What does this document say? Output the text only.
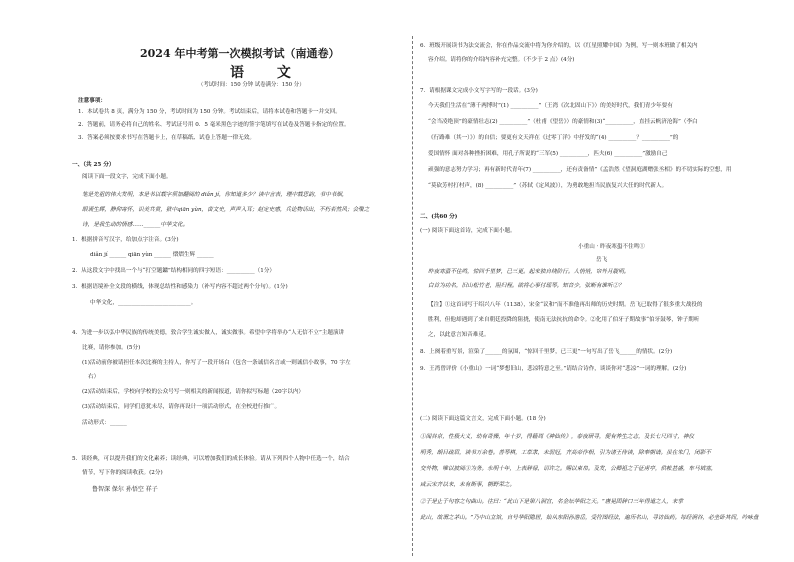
2024 年中考第一次模拟考试（南通卷）
语 文
（考试时间：150 分钟 试卷满分：150 分）
注意事项：
1．本试卷共 8 页，满分为 150 分，考试时间为 150 分钟。考试结束后，请将本试卷和答题卡一并交回。
2．答题前，请务必将自己的姓名、考试证号用 0．5 毫米黑色字迹的签字笔填写在试卷及答题卡指定的位置。
3．答案必须按要求书写在答题卡上，在草稿纸、试卷上答题一律无效。
一、（共 25 分）
阅读下面一段文字，完成下面小题。
笔是先祖的伟大发明，本是书以载字须加翻阅的 diǎn jí，你知道多少？读中言表，理中载思韵，书中书烟，
眼诵生辉，静仰寄怀，识美共赏，狱中qiān yùn，苗文史，声声入耳；赵定史感，兵论物话出，不朽若然风；会聚之
诗，是我生动的情感……______中华文化。
1．根据拼音写汉字，给加点字注音。(3分)
diǎn jí ______ qiān yùn ______ 熠熠生辉 ______
2．从这段文字中找出一个与“打空题鑪”结构相同的四字短语：__________（1分）
3．根据语境补全文段的横线，体现总结性和感染力（补写内容不超过两个分句）。(1分)
中华文化，__________________________。
4．为进一步以弘中华民族的传统美德，敦合学生诚实做人，诚实做事。希望中学将举办“人无信不立”主题演讲
比赛，请你参加。(5分)
(1)活动前你被请担任本次比赛的主持人，你写了一段开场白（包含一条诚信名言或一则诚信小故事，70 字左
右）
(2)活动结束后，学校向学校的公众号写一则相关的新闻报道，请你拟写标题（20字以内）
(3)活动结束后，同学们意犹未尽，请你再设计一项活动形式，在全校进行推广。
活动形式：______
5．读经典，可以提升我们的文化素养；读经典，可以增加我们的成长体验。请从下列四个人物中任选一个，结合
情节，写下你的阅读收获。(2分)
鲁智深 保尔 孙悟空 祥子
6．班级开展读书为法交流会，你在作品交流中将为你介绍的，以《红星照耀中国》为例，写一则本班做了相关内
容介绍。请将你的介绍内容补充完整。（不少于 2 点）(4分)
7．请根据课文完成小文写字写的一段话。(3分)
今天我们生活在“薄千两博时”(1) __________”（王湾《次北固山下》）的美好时代，我们青少年要有
“会当凌绝顶”的豪情壮志(2) __________”（杜甫《望岳》）的豪情和(3)“__________，直挂云帆济沧海”（李白
《行路难（其一）》）的自信；要更有文天祥在《过零丁洋》中抒发的“(4) __________？__________”的
爱国情怀 面对各种挫折困难，用孔子所说的“三军(5) __________，匹夫(6) __________”激励自己
顽强的意志努力学习；再有新时代青年(7) __________，还有责备情”《孟浩然《望洞庭湖赠张丞相》的不切实际的空想，用
“莫砍芳村打村声，(8) __________”（苏轼《定风波》），为勇敢地担当民族复兴大任的时代新人。
二、(共60 分)
(一) 阅读下面这首诗，完成下面小题。
小重山 · 昨夜寒蛩不住鸣①
岳飞
昨夜寒蛩不住鸣，惊回千里梦，已三更。起来独自绕阶行。人悄悄，帘外月胧明。
白首为功名，旧山松竹老，阻归程。欲将心事付瑶琴。知音少，弦断有谁听②？
【注】①这首词写于绍兴八年（1138），宋金“议和”而不准他再出师的历史时期。岳飞已取得了很多重大战役的
胜利，但他却遇到了来自朝廷投降的阻挠，使南无法抗抗的命令。②化用了伯牙子期故事“伯牙鼓琴，钟子期听
之，以此意言知音难觅。
8．上阕着重写景，渲染了______的氛围，“惊回千里梦，已三更”一句写出了岳飞______的情状。(2分)
9．王湾曾评价《小重山》一词“梦想旧山，悲凉特意之至。”请结合诗作，谈谈你对“悲凉”一词的理解。(2分)
(二) 阅读下面这篇文言文，完成下面小题。(18 分)
①闻谷京，性极大义，幼有奇操，年十岁，得籍周《神仙传》，泰夜研寻，便有养生之志，及长七尺四寸，神仪
明秀，朗目疏眉，读书万余卷。善琴棋，工草隶，未弱冠，齐高帝作相，引为诸王侍读，除奉朝请。虽在朱门，闭影不
交外物，唯以披阅③为务。永明十年，上表辞禄，诏许之。赐以束帛。及发，公卿祖之于征虏亭，供帐甚盛，车马填塞，
咸云宋齐以来，未有斯事，朝野荣之。
②于是止于句容之句曲山。往曰：“此山下是第八洞宫，名金坛华阳之天。”唐晃固辞口三年得道之人，来掌
此山，故谓之茅山。”乃中山立馆，自号华阳隐居，始从东阳孙游岳，受符图经法，遍历名山，寻访仙药。每经涧谷，必坐卧其间，吟咏盘
